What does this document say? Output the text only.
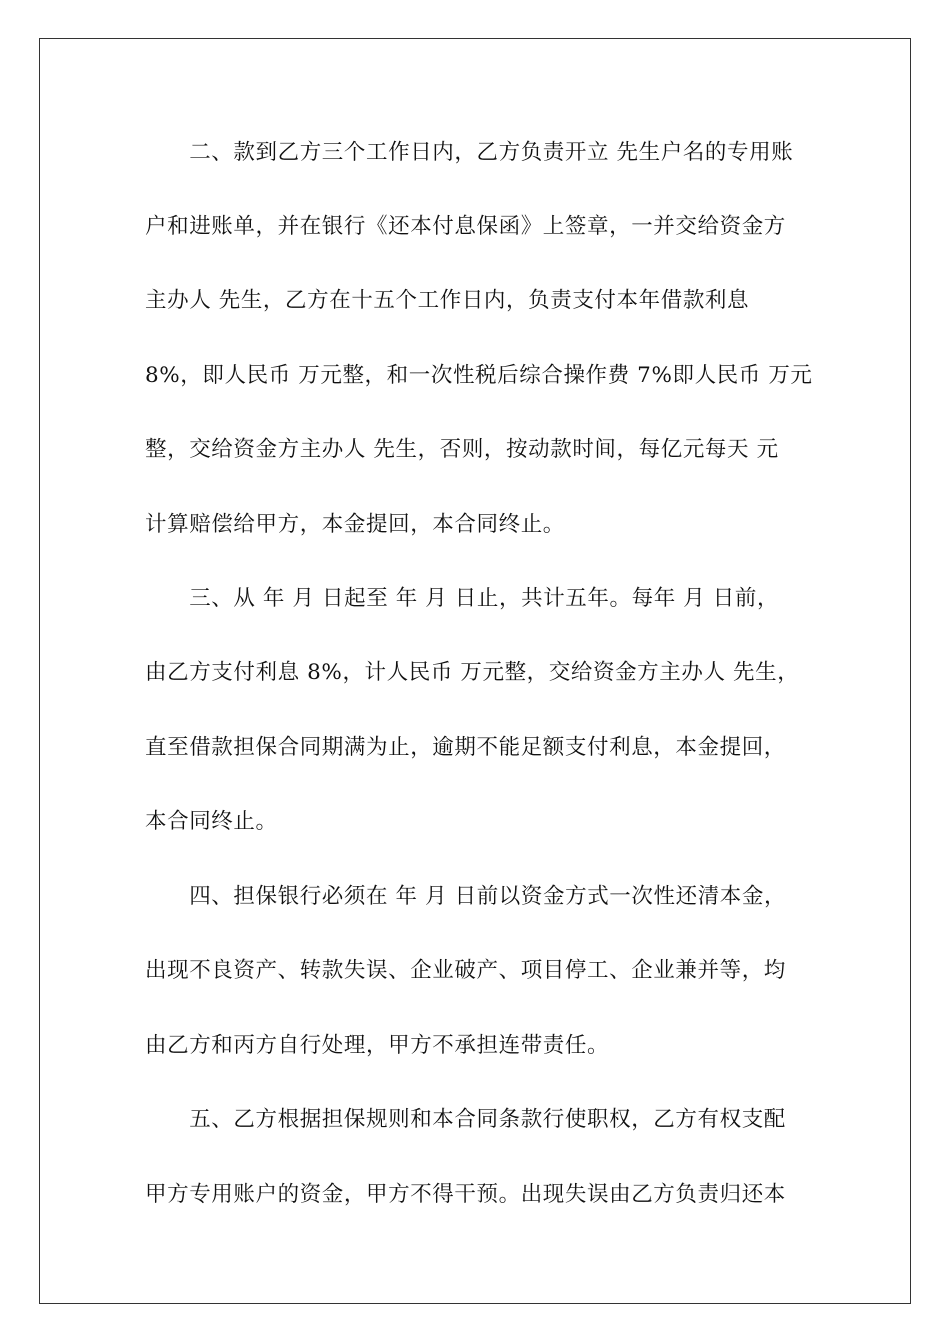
　　二、款到乙方三个工作日内，乙方负责开立 先生户名的专用账
户和进账单，并在银行《还本付息保函》上签章，一并交给资金方
主办人 先生，乙方在十五个工作日内，负责支付本年借款利息
8%，即人民币 万元整，和一次性税后综合操作费 7%即人民币 万元
整，交给资金方主办人 先生，否则，按动款时间，每亿元每天 元
计算赔偿给甲方，本金提回，本合同终止。
　　三、从 年 月 日起至 年 月 日止，共计五年。每年 月 日前，
由乙方支付利息 8%，计人民币 万元整，交给资金方主办人 先生，
直至借款担保合同期满为止，逾期不能足额支付利息，本金提回，
本合同终止。
　　四、担保银行必须在 年 月 日前以资金方式一次性还清本金，
出现不良资产、转款失误、企业破产、项目停工、企业兼并等，均
由乙方和丙方自行处理，甲方不承担连带责任。
　　五、乙方根据担保规则和本合同条款行使职权，乙方有权支配
甲方专用账户的资金，甲方不得干预。出现失误由乙方负责归还本
